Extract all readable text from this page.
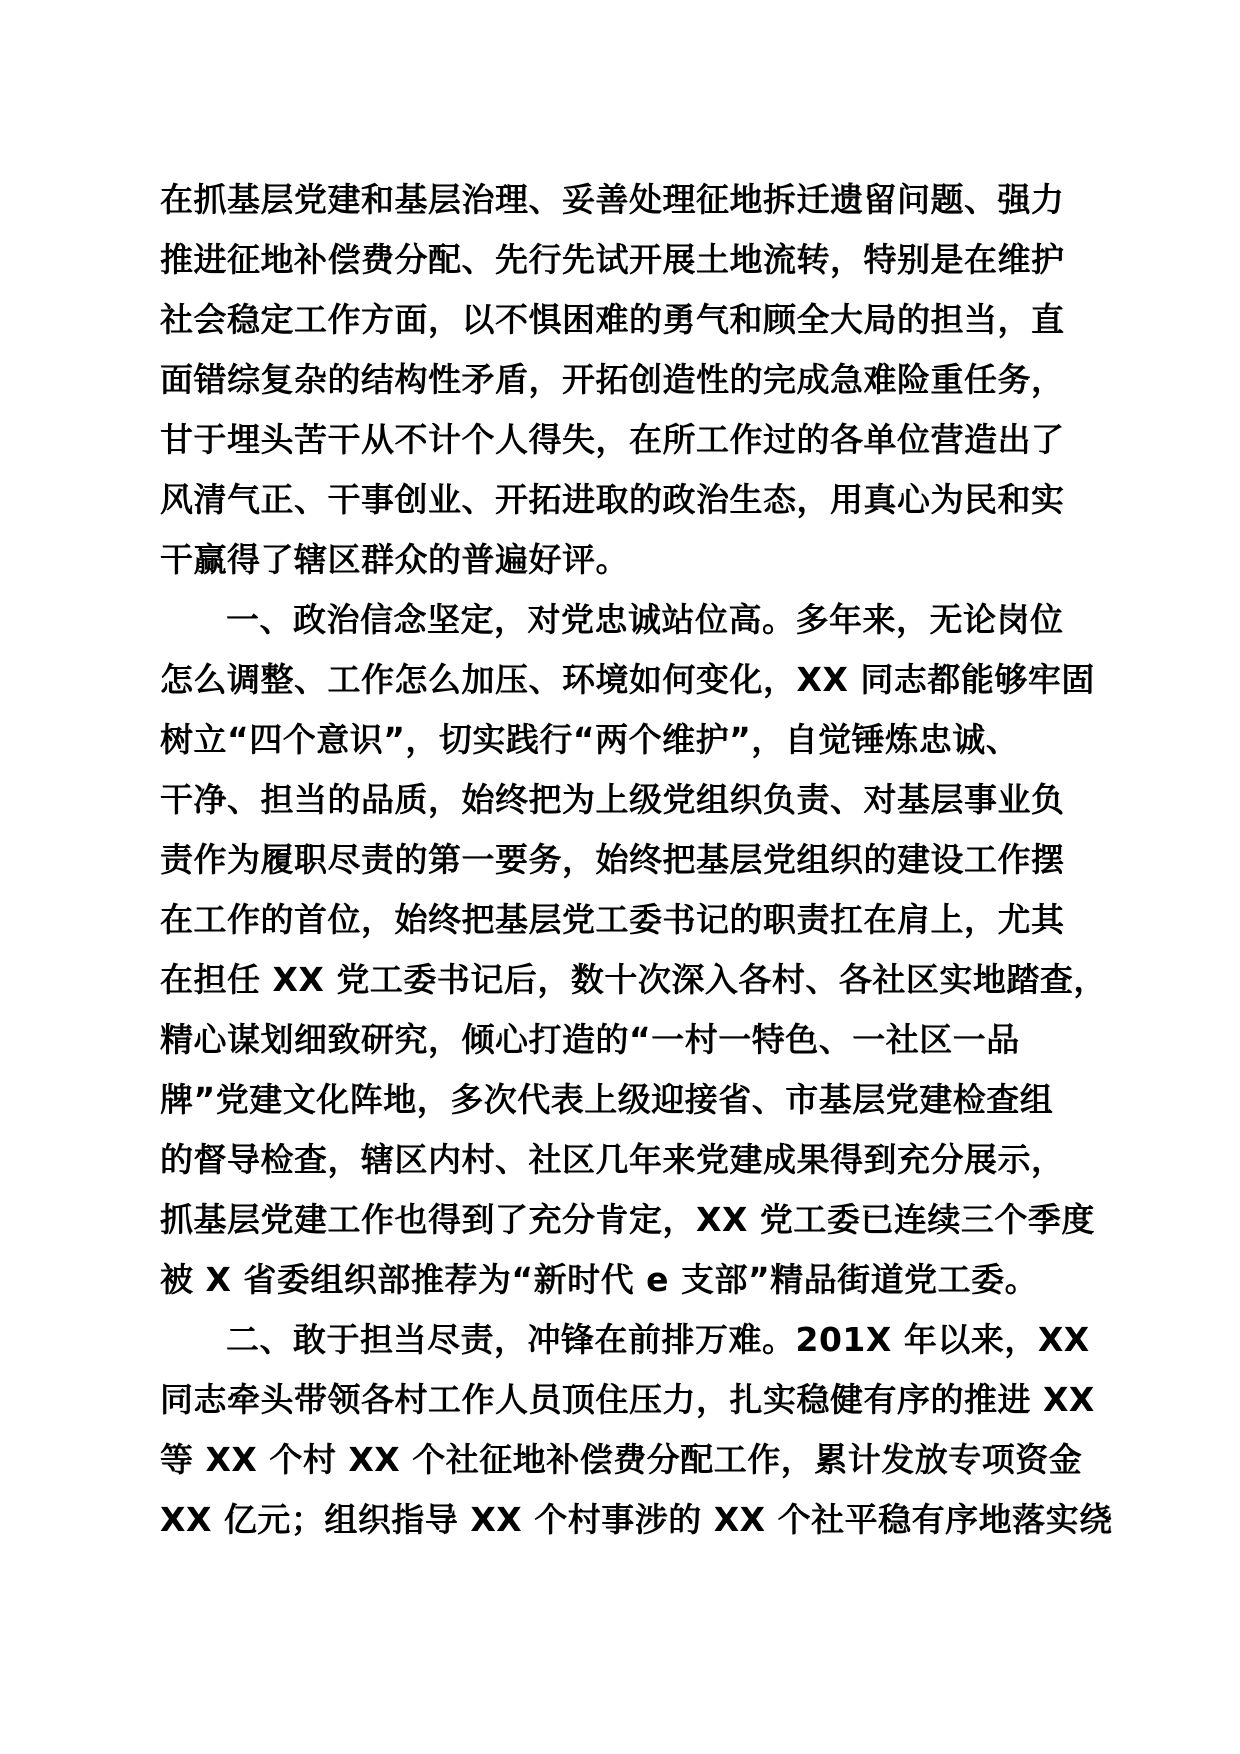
在抓基层党建和基层治理、妥善处理征地拆迁遗留问题、强力
推进征地补偿费分配、先行先试开展土地流转，特别是在维护
社会稳定工作方面，以不惧困难的勇气和顾全大局的担当，直
面错综复杂的结构性矛盾，开拓创造性的完成急难险重任务，
甘于埋头苦干从不计个人得失，在所工作过的各单位营造出了
风清气正、干事创业、开拓进取的政治生态，用真心为民和实
干赢得了辖区群众的普遍好评。
一、政治信念坚定，对党忠诚站位高。多年来，无论岗位
怎么调整、工作怎么加压、环境如何变化，XX 同志都能够牢固
树立“四个意识”，切实践行“两个维护”，自觉锤炼忠诚、
干净、担当的品质，始终把为上级党组织负责、对基层事业负
责作为履职尽责的第一要务，始终把基层党组织的建设工作摆
在工作的首位，始终把基层党工委书记的职责扛在肩上，尤其
在担任 XX 党工委书记后，数十次深入各村、各社区实地踏查，
精心谋划细致研究，倾心打造的“一村一特色、一社区一品
牌”党建文化阵地，多次代表上级迎接省、市基层党建检查组
的督导检查，辖区内村、社区几年来党建成果得到充分展示，
抓基层党建工作也得到了充分肯定，XX 党工委已连续三个季度
被 X 省委组织部推荐为“新时代 e 支部”精品街道党工委。
二、敢于担当尽责，冲锋在前排万难。201X 年以来，XX
同志牵头带领各村工作人员顶住压力，扎实稳健有序的推进 XX
等 XX 个村 XX 个社征地补偿费分配工作，累计发放专项资金
XX 亿元；组织指导 XX 个村事涉的 XX 个社平稳有序地落实绕
